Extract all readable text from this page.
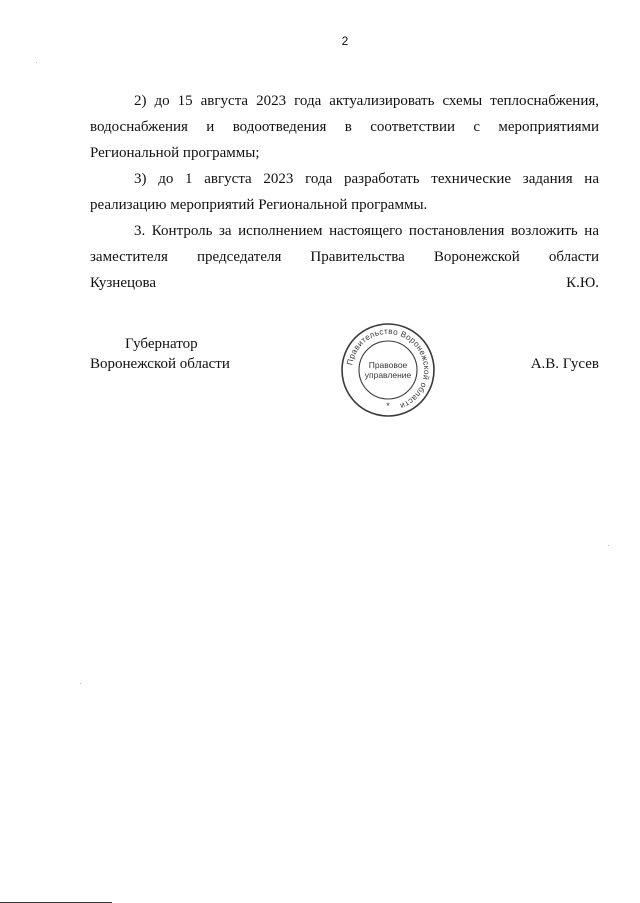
2

2) до 15 августа 2023 года актуализировать схемы теплоснабжения, водоснабжения и водоотведения в соответствии с мероприятиями Региональной программы;

3) до 1 августа 2023 года разработать технические задания на реализацию мероприятий Региональной программы.

3. Контроль за исполнением настоящего постановления возложить на заместителя председателя Правительства Воронежской области
Кузнецова К.Ю.

Губернатор
Воронежской области	Правительство Воронежской области
Правовое
управление
*
А.В. Гусев
